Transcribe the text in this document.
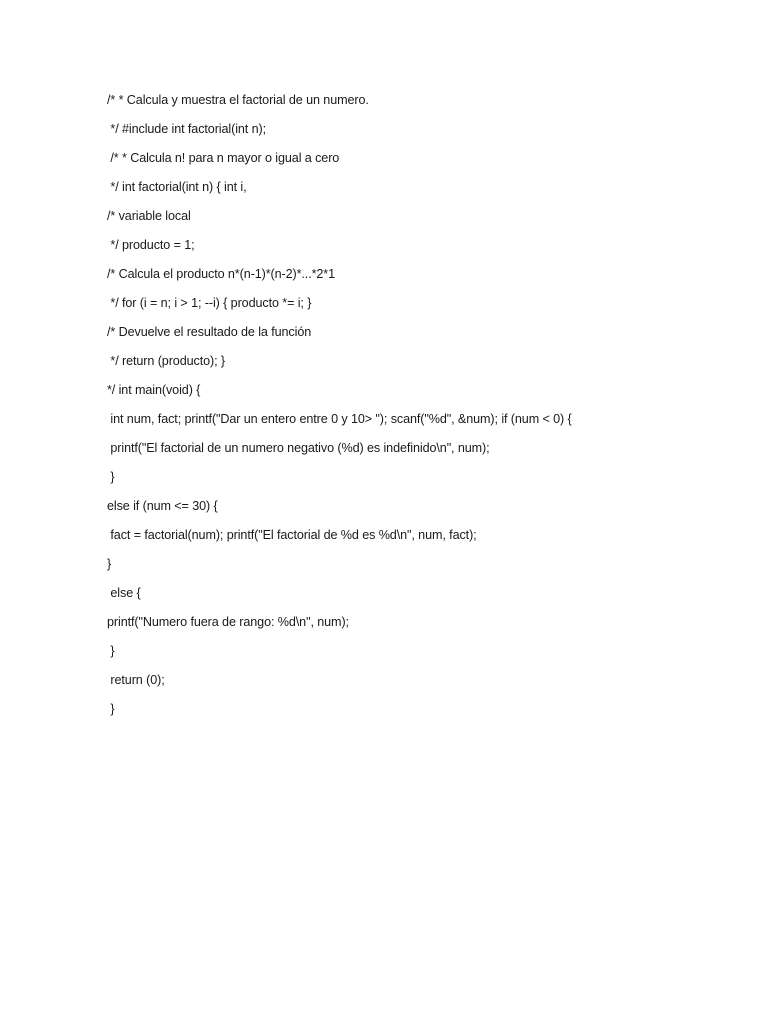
/* * Calcula y muestra el factorial de un numero.
*/ #include int factorial(int n);
/* * Calcula n! para n mayor o igual a cero
*/ int factorial(int n) { int i,
/* variable local
*/ producto = 1;
/* Calcula el producto n*(n-1)*(n-2)*...*2*1
*/ for (i = n; i > 1; --i) { producto *= i; }
/* Devuelve el resultado de la función
*/ return (producto); }
*/ int main(void) {
int num, fact; printf("Dar un entero entre 0 y 10> "); scanf("%d", &num); if (num < 0) {
printf("El factorial de un numero negativo (%d) es indefinido\n", num);
}
else if (num <= 30) {
fact = factorial(num); printf("El factorial de %d es %d\n", num, fact);
}
else {
printf("Numero fuera de rango: %d\n", num);
}
return (0);
}
